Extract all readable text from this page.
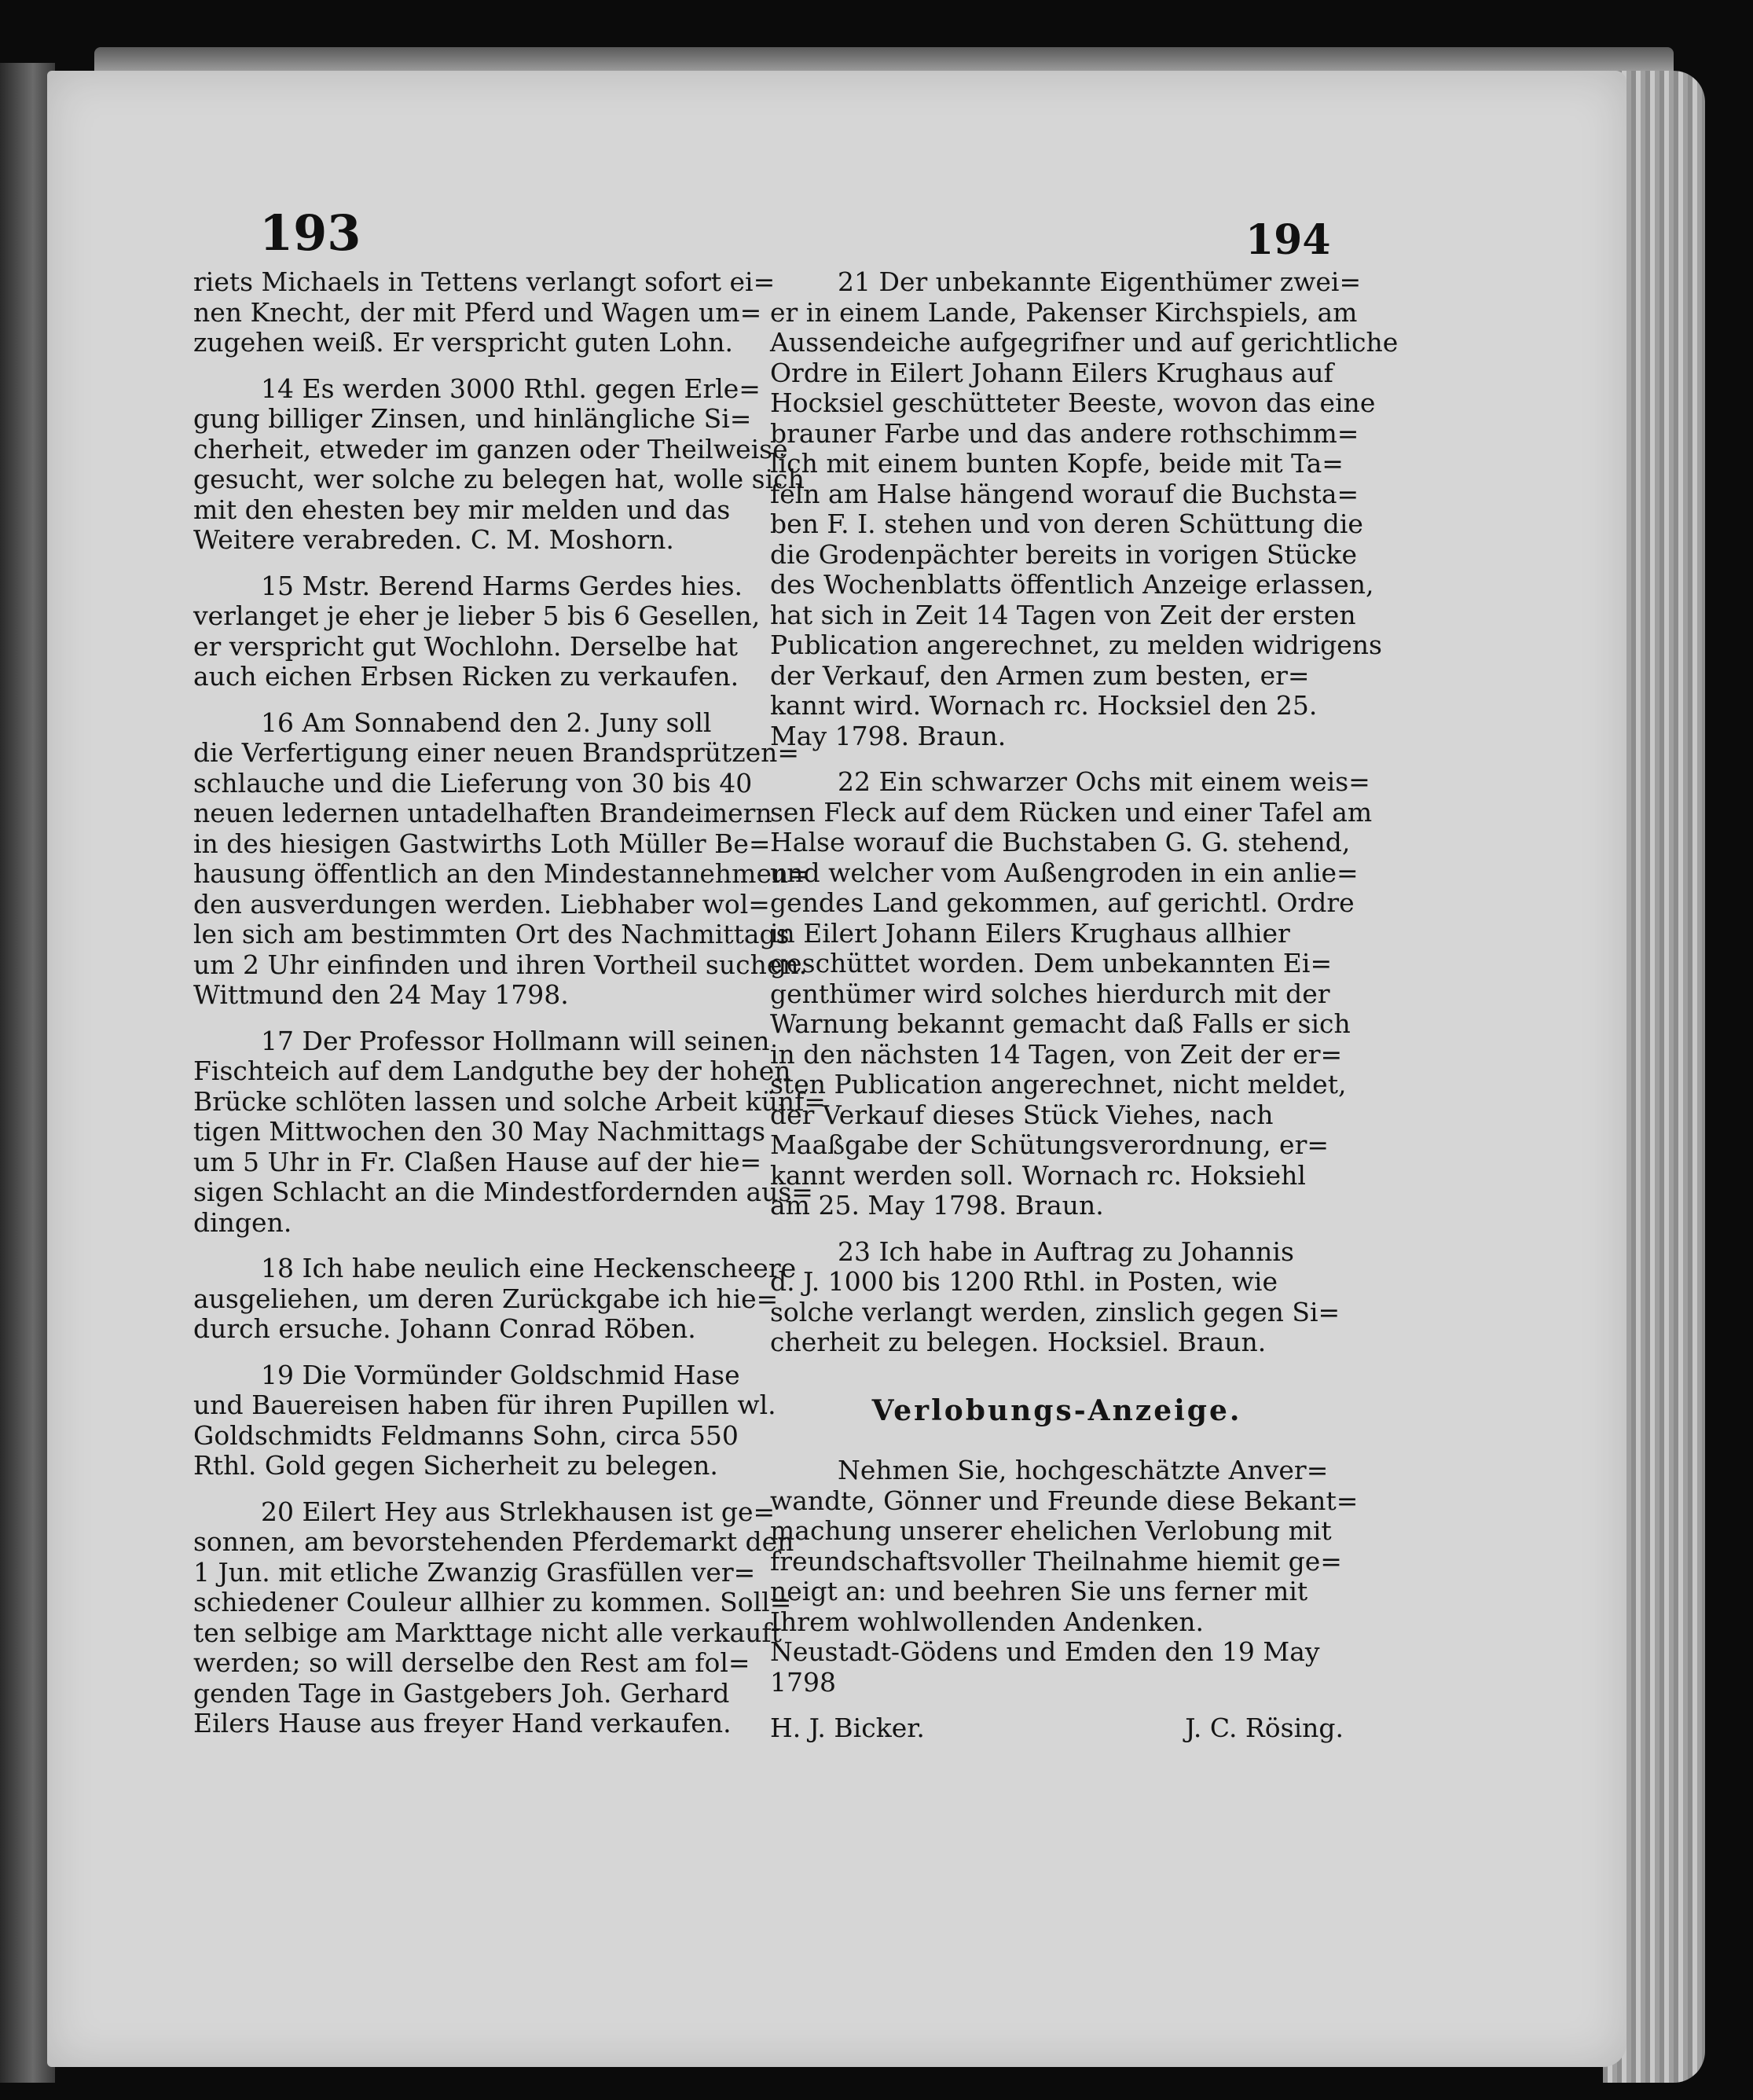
193	194
riets Michaels in Tettens verlangt sofort ei=
nen Knecht, der mit Pferd und Wagen um=
zugehen weiß. Er verspricht guten Lohn.
14 Es werden 3000 Rthl. gegen Erle=
gung billiger Zinsen, und hinlängliche Si=
cherheit, etweder im ganzen oder Theilweise
gesucht, wer solche zu belegen hat, wolle sich
mit den ehesten bey mir melden und das
Weitere verabreden. C. M. Moshorn.
15 Mstr. Berend Harms Gerdes hies.
verlanget je eher je lieber 5 bis 6 Gesellen,
er verspricht gut Wochlohn. Derselbe hat
auch eichen Erbsen Ricken zu verkaufen.
16 Am Sonnabend den 2. Juny soll
die Verfertigung einer neuen Brandsprützen=
schlauche und die Lieferung von 30 bis 40
neuen ledernen untadelhaften Brandeimern
in des hiesigen Gastwirths Loth Müller Be=
hausung öffentlich an den Mindestannehmen=
den ausverdungen werden. Liebhaber wol=
len sich am bestimmten Ort des Nachmittags
um 2 Uhr einfinden und ihren Vortheil suchen.
Wittmund den 24 May 1798.
17 Der Professor Hollmann will seinen
Fischteich auf dem Landguthe bey der hohen
Brücke schlöten lassen und solche Arbeit künf=
tigen Mittwochen den 30 May Nachmittags
um 5 Uhr in Fr. Claßen Hause auf der hie=
sigen Schlacht an die Mindestfordernden aus=
dingen.
18 Ich habe neulich eine Heckenscheere
ausgeliehen, um deren Zurückgabe ich hie=
durch ersuche. Johann Conrad Röben.
19 Die Vormünder Goldschmid Hase
und Bauereisen haben für ihren Pupillen wl.
Goldschmidts Feldmanns Sohn, circa 550
Rthl. Gold gegen Sicherheit zu belegen.
20 Eilert Hey aus Strlekhausen ist ge=
sonnen, am bevorstehenden Pferdemarkt den
1 Jun. mit etliche Zwanzig Grasfüllen ver=
schiedener Couleur allhier zu kommen. Soll=
ten selbige am Markttage nicht alle verkauft
werden; so will derselbe den Rest am fol=
genden Tage in Gastgebers Joh. Gerhard
Eilers Hause aus freyer Hand verkaufen.
21 Der unbekannte Eigenthümer zwei=
er in einem Lande, Pakenser Kirchspiels, am
Aussendeiche aufgegrifner und auf gerichtliche
Ordre in Eilert Johann Eilers Krughaus auf
Hocksiel geschütteter Beeste, wovon das eine
brauner Farbe und das andere rothschimm=
lich mit einem bunten Kopfe, beide mit Ta=
feln am Halse hängend worauf die Buchsta=
ben F. I. stehen und von deren Schüttung die
die Grodenpächter bereits in vorigen Stücke
des Wochenblatts öffentlich Anzeige erlassen,
hat sich in Zeit 14 Tagen von Zeit der ersten
Publication angerechnet, zu melden widrigens
der Verkauf, den Armen zum besten, er=
kannt wird. Wornach rc. Hocksiel den 25.
May 1798. Braun.
22 Ein schwarzer Ochs mit einem weis=
sen Fleck auf dem Rücken und einer Tafel am
Halse worauf die Buchstaben G. G. stehend,
und welcher vom Außengroden in ein anlie=
gendes Land gekommen, auf gerichtl. Ordre
in Eilert Johann Eilers Krughaus allhier
geschüttet worden. Dem unbekannten Ei=
genthümer wird solches hierdurch mit der
Warnung bekannt gemacht daß Falls er sich
in den nächsten 14 Tagen, von Zeit der er=
sten Publication angerechnet, nicht meldet,
der Verkauf dieses Stück Viehes, nach
Maaßgabe der Schütungsverordnung, er=
kannt werden soll. Wornach rc. Hoksiehl
am 25. May 1798. Braun.
23 Ich habe in Auftrag zu Johannis
d. J. 1000 bis 1200 Rthl. in Posten, wie
solche verlangt werden, zinslich gegen Si=
cherheit zu belegen. Hocksiel. Braun.
Verlobungs-Anzeige.
Nehmen Sie, hochgeschätzte Anver=
wandte, Gönner und Freunde diese Bekant=
machung unserer ehelichen Verlobung mit
freundschaftsvoller Theilnahme hiemit ge=
neigt an: und beehren Sie uns ferner mit
Ihrem wohlwollenden Andenken.
Neustadt-Gödens und Emden den 19 May
1798
H. J. Bicker.	J. C. Rösing.
